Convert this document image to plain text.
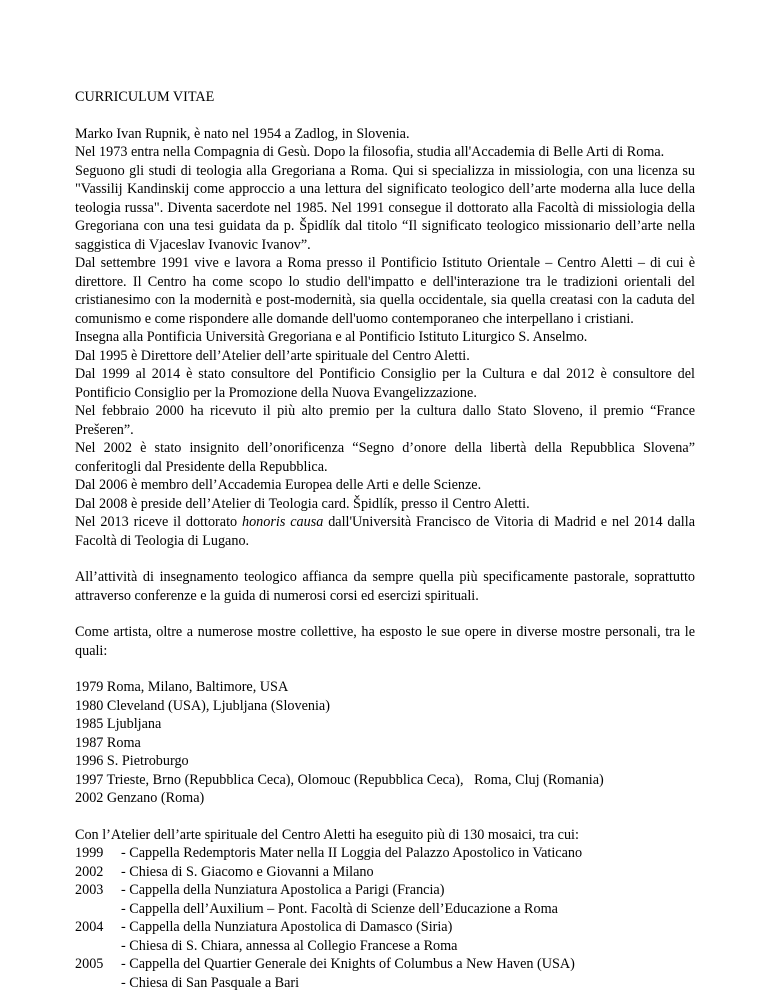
CURRICULUM VITAE

Marko Ivan Rupnik, è nato nel 1954 a Zadlog, in Slovenia.

Nel 1973 entra nella Compagnia di Gesù. Dopo la filosofia, studia all'Accademia di Belle Arti di Roma.

Seguono gli studi di teologia alla Gregoriana a Roma. Qui si specializza in missiologia, con una licenza su "Vassilij Kandinskij come approccio a una lettura del significato teologico dell’arte moderna alla luce della teologia russa". Diventa sacerdote nel 1985. Nel 1991 consegue il dottorato alla Facoltà di missiologia della Gregoriana con una tesi guidata da p. Špidlík dal titolo “Il significato teologico missionario dell’arte nella saggistica di Vjaceslav Ivanovic Ivanov”.

Dal settembre 1991 vive e lavora a Roma presso il Pontificio Istituto Orientale – Centro Aletti – di cui è direttore. Il Centro ha come scopo lo studio dell'impatto e dell'interazione tra le tradizioni orientali del cristianesimo con la modernità e post-modernità, sia quella occidentale, sia quella creatasi con la caduta del comunismo e come rispondere alle domande dell'uomo contemporaneo che interpellano i cristiani.

Insegna alla Pontificia Università Gregoriana e al Pontificio Istituto Liturgico S. Anselmo.

Dal 1995 è Direttore dell’Atelier dell’arte spirituale del Centro Aletti.

Dal 1999 al 2014 è stato consultore del Pontificio Consiglio per la Cultura e dal 2012 è consultore del Pontificio Consiglio per la Promozione della Nuova Evangelizzazione.

Nel febbraio 2000 ha ricevuto il più alto premio per la cultura dallo Stato Sloveno, il premio “France Prešeren”.

Nel 2002 è stato insignito dell’onorificenza “Segno d’onore della libertà della Repubblica Slovena” conferitogli dal Presidente della Repubblica.

Dal 2006 è membro dell’Accademia Europea delle Arti e delle Scienze.

Dal 2008 è preside dell’Atelier di Teologia card. Špidlík, presso il Centro Aletti.

Nel 2013 riceve il dottorato honoris causa dall'Università Francisco de Vitoria di Madrid e nel 2014 dalla Facoltà di Teologia di Lugano.

All’attività di insegnamento teologico affianca da sempre quella più specificamente pastorale, soprattutto attraverso conferenze e la guida di numerosi corsi ed esercizi spirituali.

Come artista, oltre a numerose mostre collettive, ha esposto le sue opere in diverse mostre personali, tra le quali:

1979 Roma, Milano, Baltimore, USA

1980 Cleveland (USA), Ljubljana (Slovenia)

1985 Ljubljana

1987 Roma

1996 S. Pietroburgo

1997 Trieste, Brno (Repubblica Ceca), Olomouc (Repubblica Ceca),   Roma, Cluj (Romania)

2002 Genzano (Roma)

Con l’Atelier dell’arte spirituale del Centro Aletti ha eseguito più di 130 mosaici, tra cui:

1999	- Cappella Redemptoris Mater nella II Loggia del Palazzo Apostolico in Vaticano
2002	- Chiesa di S. Giacomo e Giovanni a Milano
2003	- Cappella della Nunziatura Apostolica a Parigi (Francia)
- Cappella dell’Auxilium – Pont. Facoltà di Scienze dell’Educazione a Roma
2004	- Cappella della Nunziatura Apostolica di Damasco (Siria)
- Chiesa di S. Chiara, annessa al Collegio Francese a Roma
2005	- Cappella del Quartier Generale dei Knights of Columbus a New Haven (USA)
- Chiesa di San Pasquale a Bari
